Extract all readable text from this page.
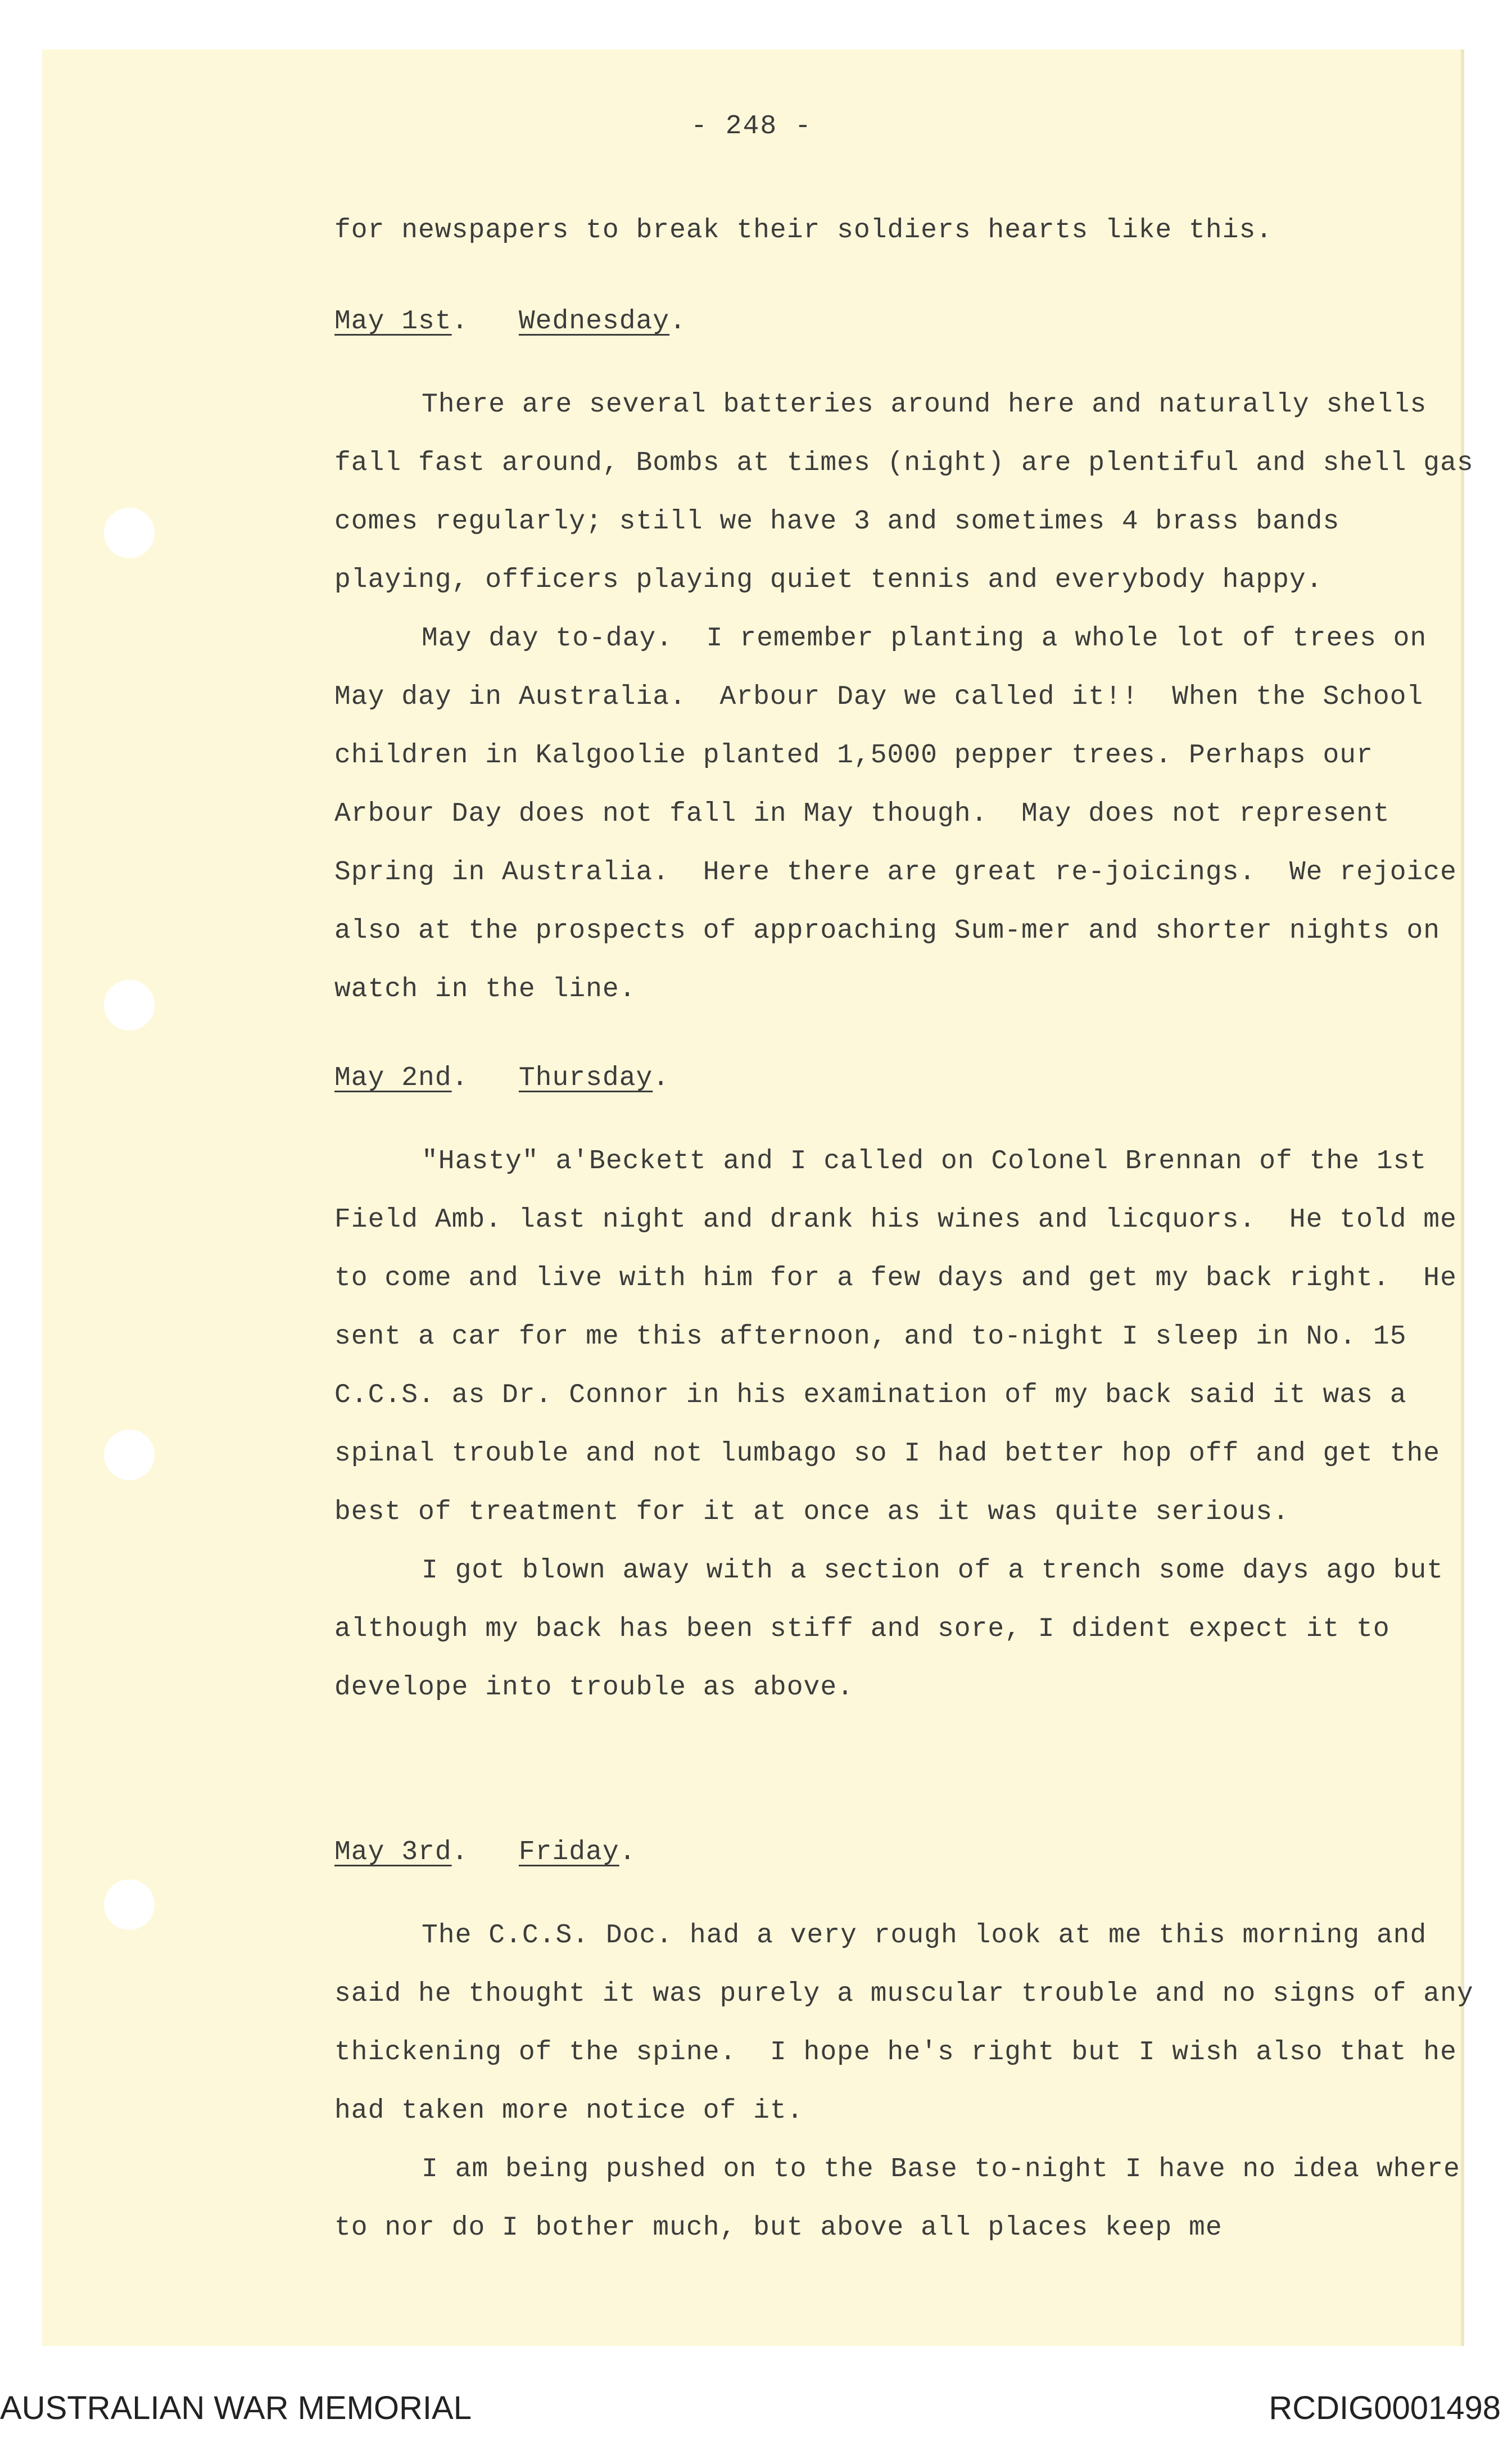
- 248 -

for newspapers to break their soldiers hearts like this.

May 1st.   Wednesday.

There are several batteries around here and naturally shells fall fast around, Bombs at times (night) are plentiful and shell gas comes regularly; still we have 3 and sometimes 4 brass bands playing, officers playing quiet tennis and everybody happy.

May day to-day.  I remember planting a whole lot of trees on May day in Australia.  Arbour Day we called it!!  When the School children in Kalgoolie planted 1,5000 pepper trees. Perhaps our Arbour Day does not fall in May though.  May does not represent Spring in Australia.  Here there are great re-joicings.  We rejoice also at the prospects of approaching Sum-mer and shorter nights on watch in the line.

May 2nd.   Thursday.

"Hasty" a'Beckett and I called on Colonel Brennan of the 1st Field Amb. last night and drank his wines and licquors.  He told me to come and live with him for a few days and get my back right.  He sent a car for me this afternoon, and to-night I sleep in No. 15 C.C.S. as Dr. Connor in his examination of my back said it was a spinal trouble and not lumbago so I had better hop off and get the best of treatment for it at once as it was quite serious.

I got blown away with a section of a trench some days ago but although my back has been stiff and sore, I dident expect it to develope into trouble as above.

May 3rd.   Friday.

The C.C.S. Doc. had a very rough look at me this morning and said he thought it was purely a muscular trouble and no signs of any thickening of the spine.  I hope he's right but I wish also that he had taken more notice of it.

I am being pushed on to the Base to-night I have no idea where to nor do I bother much, but above all places keep me

AUSTRALIAN WAR MEMORIAL	RCDIG0001498
